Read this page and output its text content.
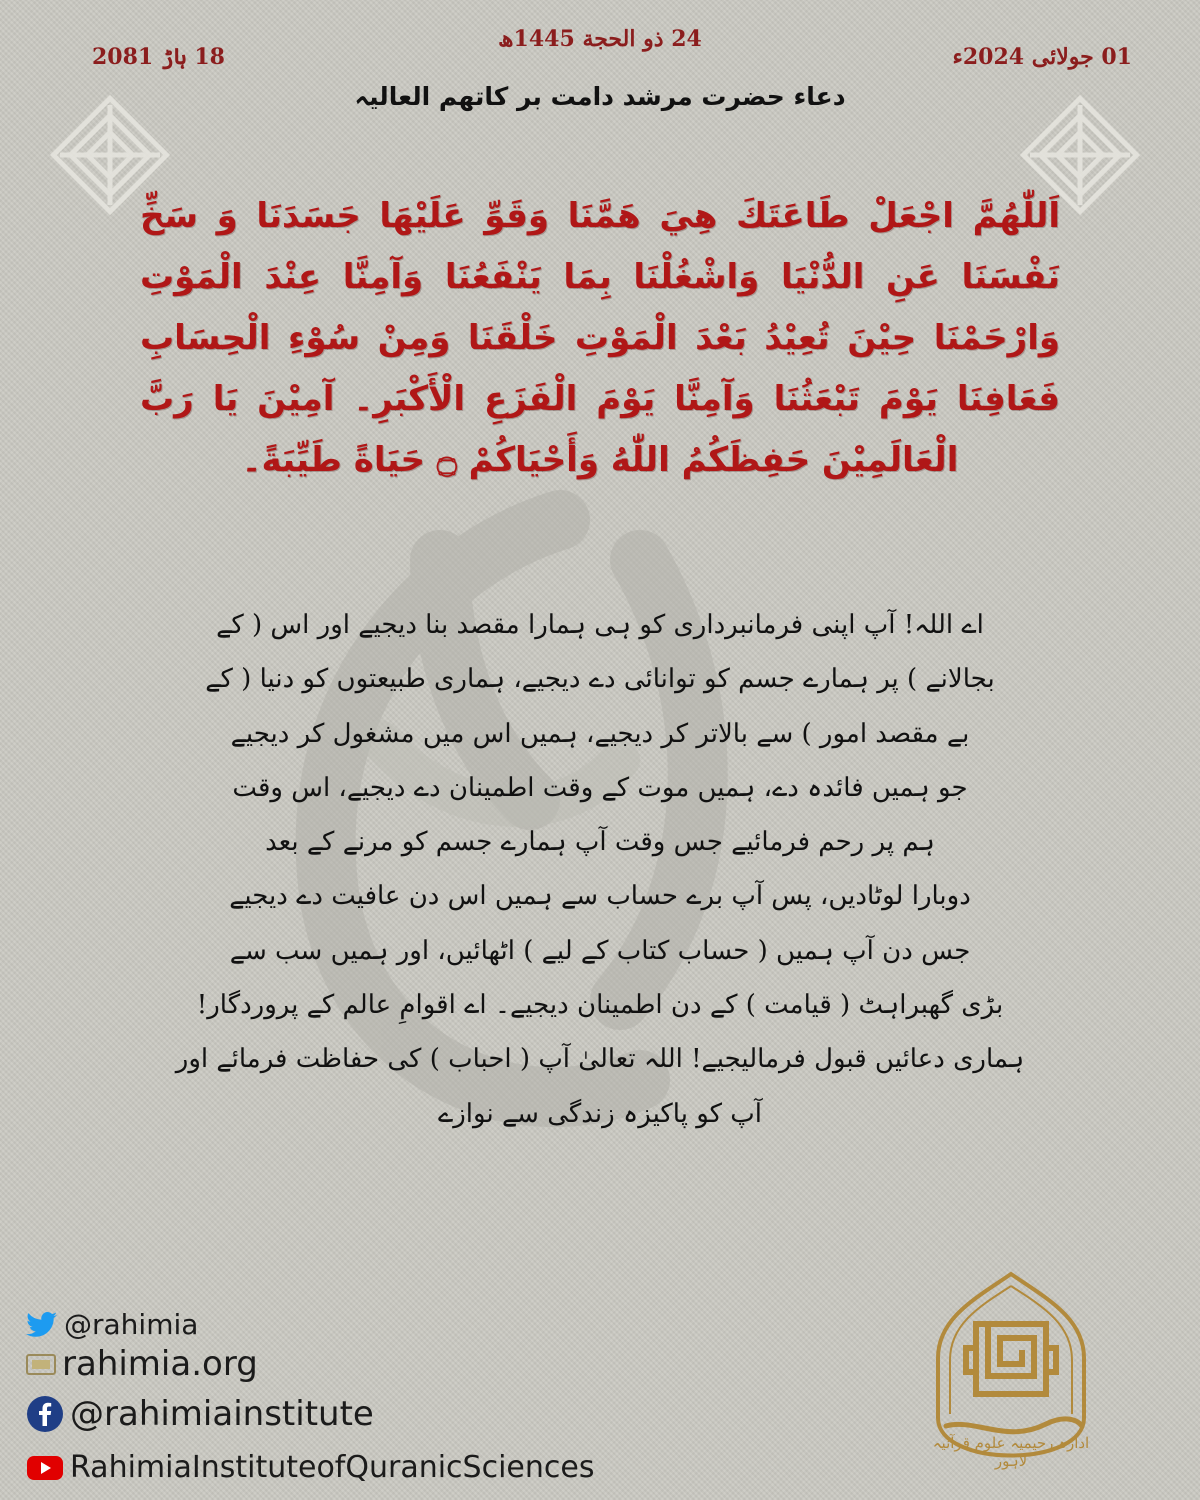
01 جولائی 2024ء
24 ذو الحجة 1445ھ
18 ہاڑ 2081
دعاء حضرت مرشد دامت بر کاتھم العالیہ
اَللّٰهُمَّ اجْعَلْ طَاعَتَكَ هِيَ هَمَّنَا وَقَوِّ عَلَيْهَا جَسَدَنَا وَ سَخِّ نَفْسَنَا عَنِ الدُّنْيَا وَاشْغُلْنَا بِمَا يَنْفَعُنَا وَآمِنَّا عِنْدَ الْمَوْتِ وَارْحَمْنَا حِيْنَ تُعِيْدُ بَعْدَ الْمَوْتِ خَلْقَنَا وَمِنْ سُوْءِ الْحِسَابِ فَعَافِنَا يَوْمَ تَبْعَثُنَا وَآمِنَّا يَوْمَ الْفَزَعِ الْأَكْبَرِ۔ آمِيْنَ يَا رَبَّ الْعَالَمِيْنَ حَفِظَكُمُ اللّٰهُ وَأَحْيَاكُمْ ۝ حَيَاةً طَيِّبَةً۔
اے اللہ! آپ اپنی فرمانبرداری کو ہی ہمارا مقصد بنا دیجیے اور اس ( کے
بجالانے ) پر ہمارے جسم کو توانائی دے دیجیے، ہماری طبیعتوں کو دنیا ( کے
بے مقصد امور ) سے بالاتر کر دیجیے، ہمیں اس میں مشغول کر دیجیے
جو ہمیں فائدہ دے، ہمیں موت کے وقت اطمینان دے دیجیے، اس وقت
ہم پر رحم فرمائیے جس وقت آپ ہمارے جسم کو مرنے کے بعد
دوبارا لوٹادیں، پس آپ برے حساب سے ہمیں اس دن عافیت دے دیجیے
جس دن آپ ہمیں ( حساب کتاب کے لیے ) اٹھائیں، اور ہمیں سب سے
بڑی گھبراہٹ ( قیامت ) کے دن اطمینان دیجیے۔ اے اقوامِ عالم کے پروردگار!
ہماری دعائیں قبول فرمالیجیے! اللہ تعالیٰ آپ ( احباب ) کی حفاظت فرمائے اور
آپ کو پاکیزہ زندگی سے نوازے
@rahimia
rahimia.org
@rahimiainstitute
RahimiaInstituteofQuranicSciences
ادارہ رحیمیہ علوم قرآنیہ لاہور
